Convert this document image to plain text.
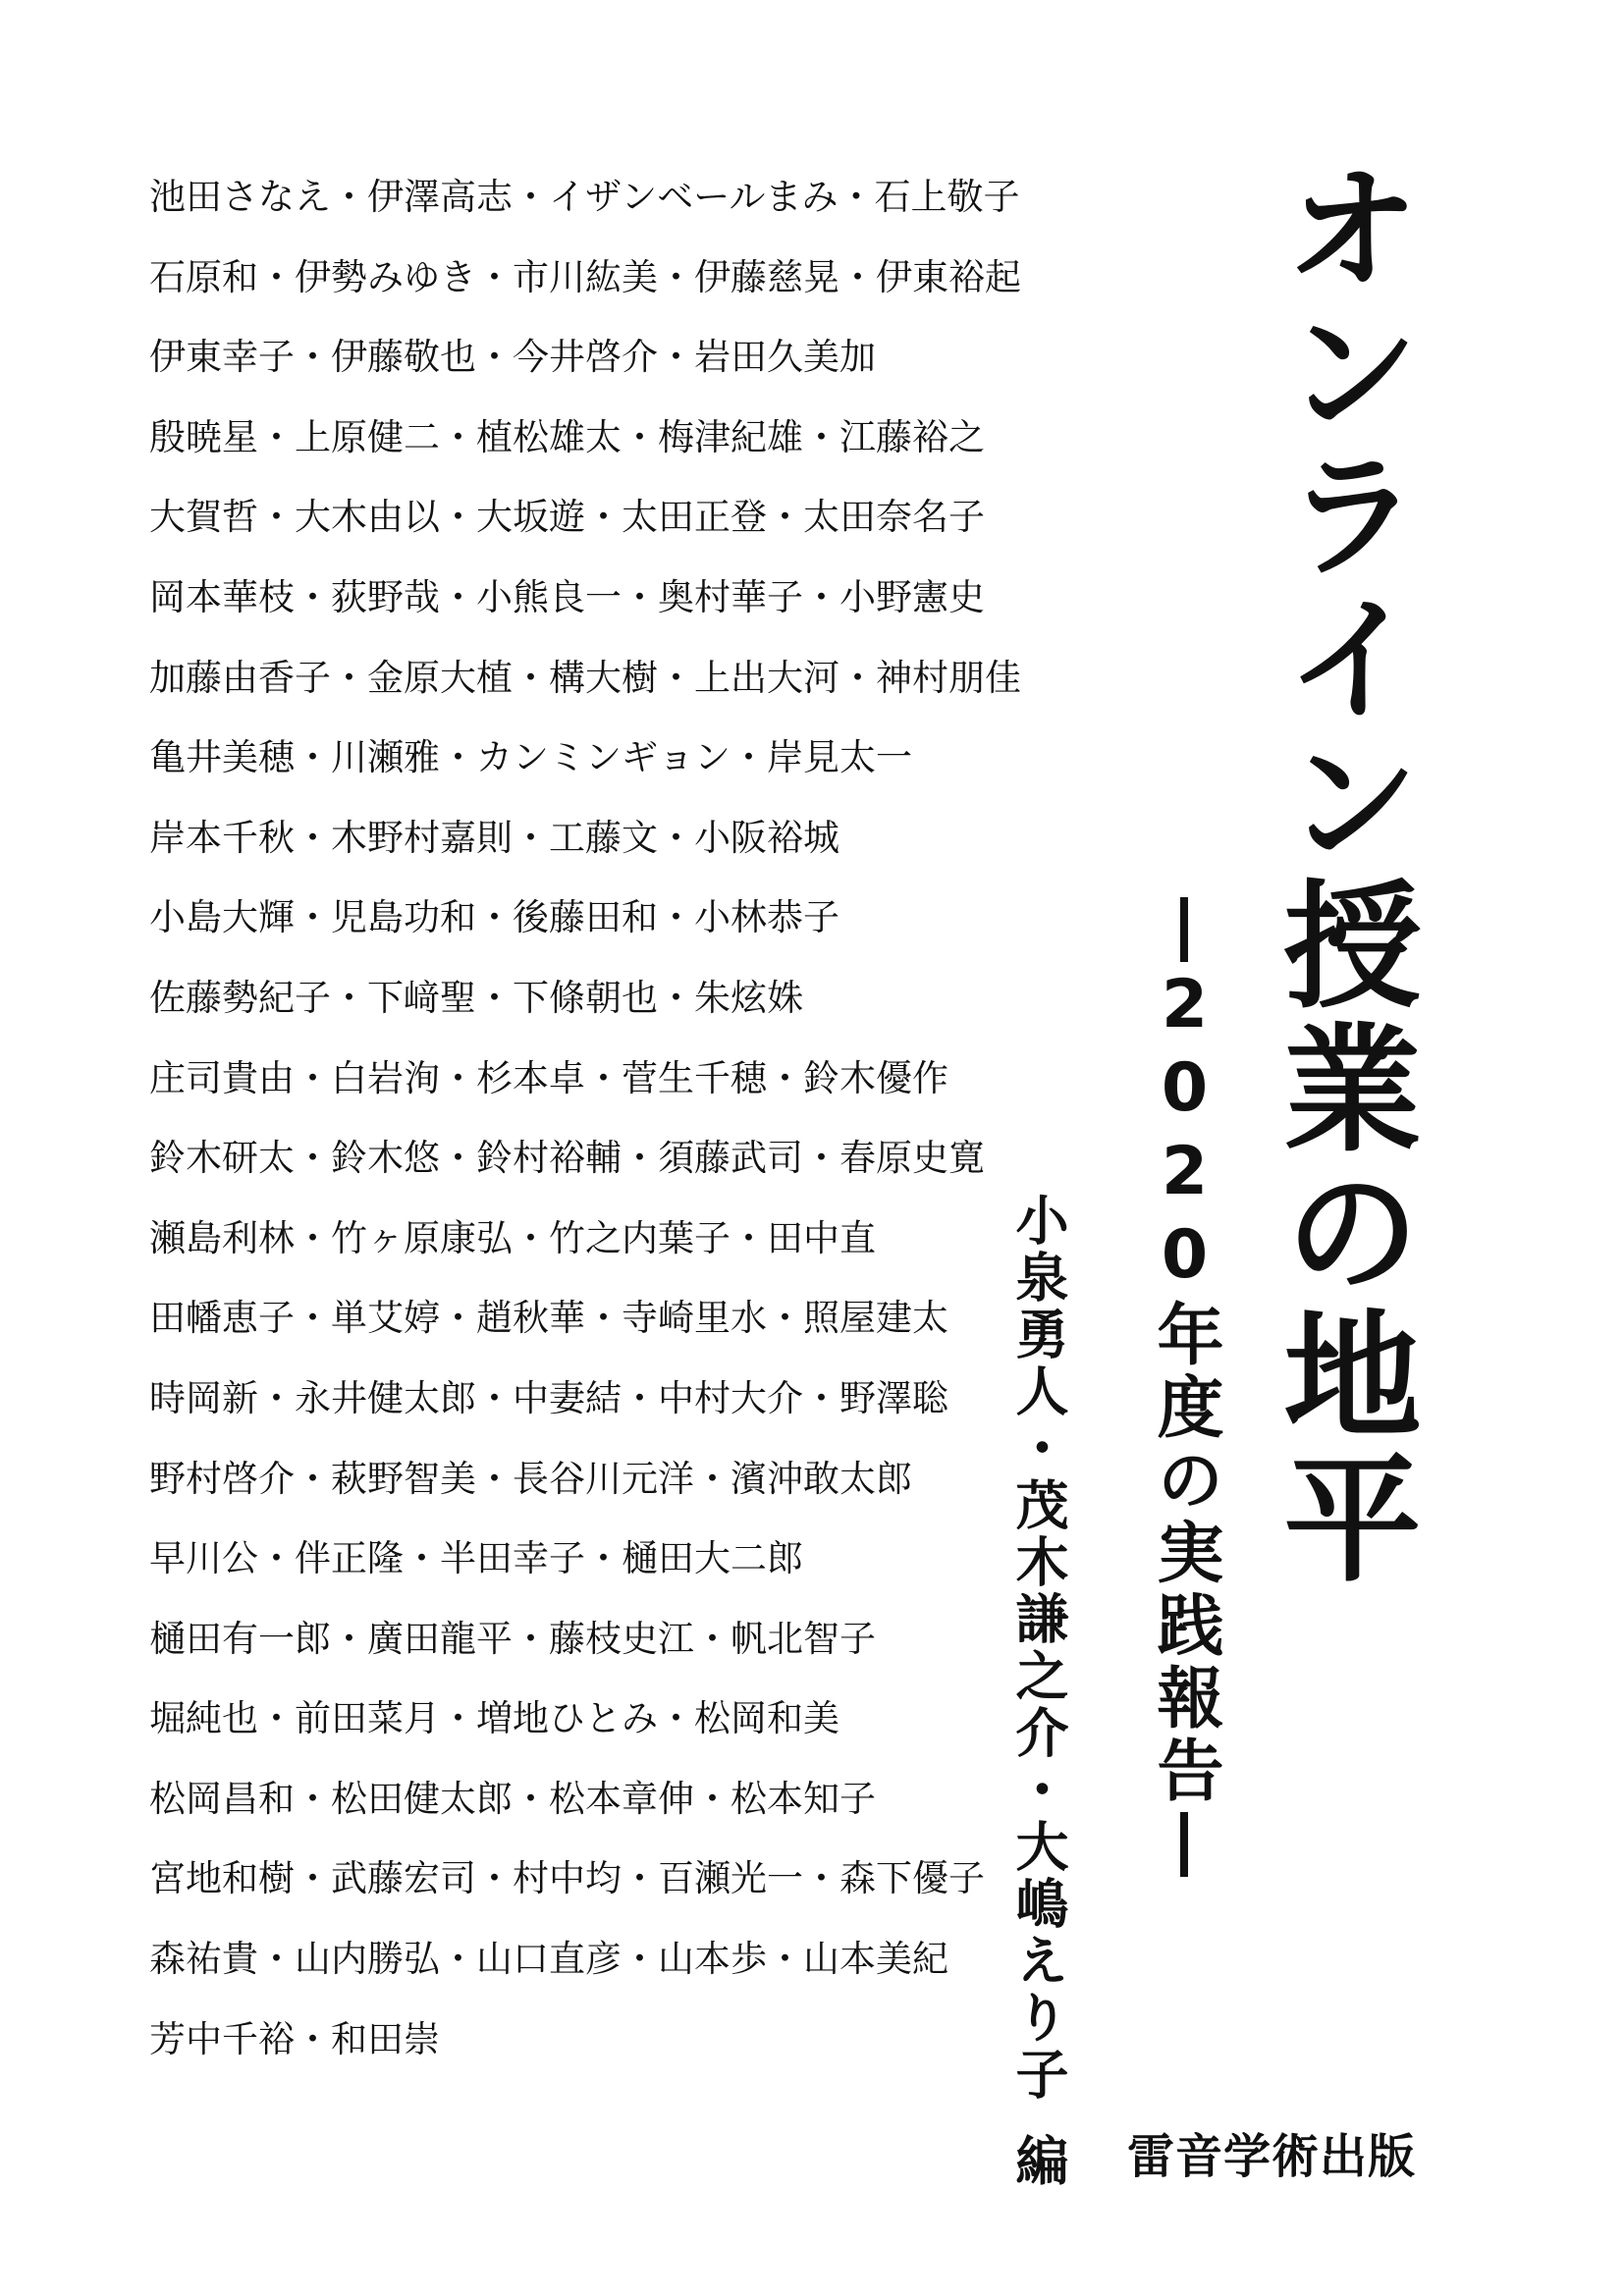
池田さなえ・伊澤高志・イザンベールまみ・石上敬子
石原和・伊勢みゆき・市川紘美・伊藤慈晃・伊東裕起
伊東幸子・伊藤敬也・今井啓介・岩田久美加
殷暁星・上原健二・植松雄太・梅津紀雄・江藤裕之
大賀哲・大木由以・大坂遊・太田正登・太田奈名子
岡本華枝・荻野哉・小熊良一・奥村華子・小野憲史
加藤由香子・金原大植・構大樹・上出大河・神村朋佳
亀井美穂・川瀬雅・カンミンギョン・岸見太一
岸本千秋・木野村嘉則・工藤文・小阪裕城
小島大輝・児島功和・後藤田和・小林恭子
佐藤勢紀子・下﨑聖・下條朝也・朱炫姝
庄司貴由・白岩洵・杉本卓・菅生千穂・鈴木優作
鈴木研太・鈴木悠・鈴村裕輔・須藤武司・春原史寛
瀬島利林・竹ヶ原康弘・竹之内葉子・田中直
田幡恵子・単艾婷・趙秋華・寺崎里水・照屋建太
時岡新・永井健太郎・中妻結・中村大介・野澤聡
野村啓介・萩野智美・長谷川元洋・濱沖敢太郎
早川公・伴正隆・半田幸子・樋田大二郎
樋田有一郎・廣田龍平・藤枝史江・帆北智子
堀純也・前田菜月・増地ひとみ・松岡和美
松岡昌和・松田健太郎・松本章伸・松本知子
宮地和樹・武藤宏司・村中均・百瀬光一・森下優子
森祐貴・山内勝弘・山口直彦・山本歩・山本美紀
芳中千裕・和田崇
オンライン授業の地平
2020年度の実践報告
小泉勇人・茂木謙之介・大嶋えり子編 雷音学術出版
